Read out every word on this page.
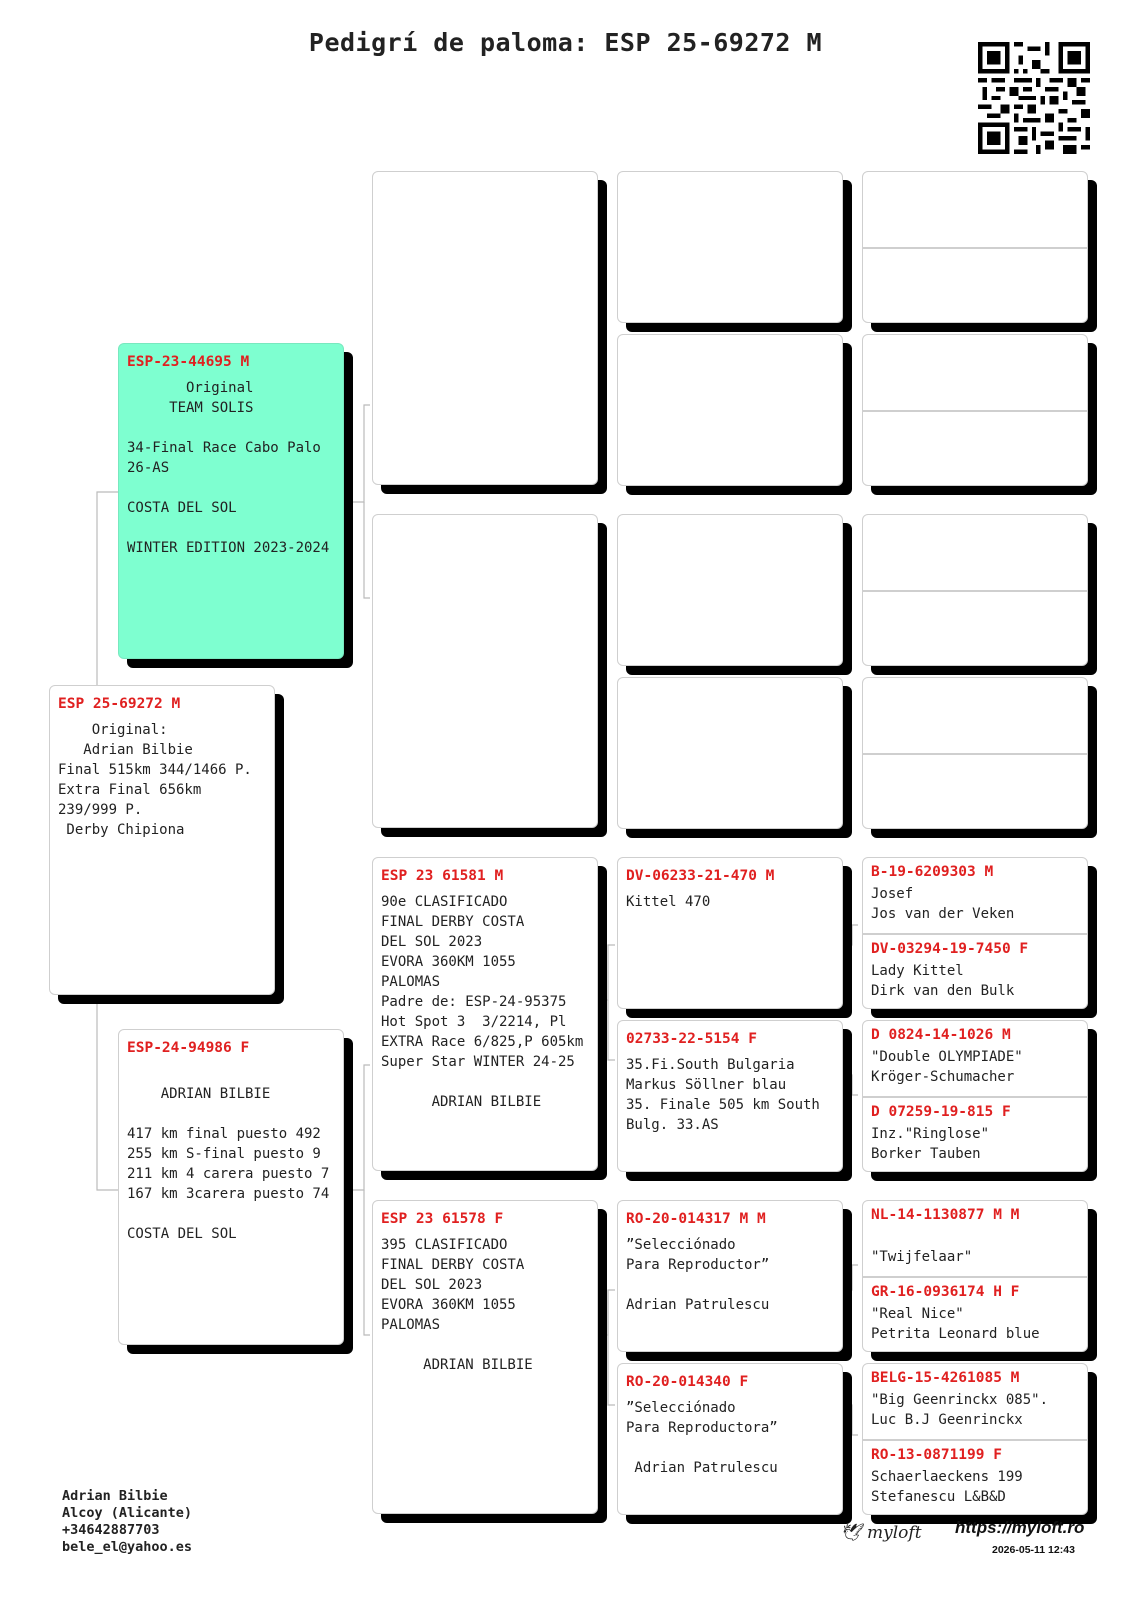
Pedigrí de paloma: ESP 25-69272 M
ESP 25-69272 M
Original:
Adrian Bilbie
Final 515km 344/1466 P.
Extra Final 656km
239/999 P.
Derby Chipiona
ESP-23-44695 M
Original
TEAM SOLIS

34-Final Race Cabo Palo
26-AS

COSTA DEL SOL

WINTER EDITION 2023-2024
ESP-24-94986 F

ADRIAN BILBIE

417 km final puesto 492
255 km S-final puesto 9
211 km 4 carera puesto 7
167 km 3carera puesto 74

COSTA DEL SOL
ESP 23 61581 M
90e CLASIFICADO
FINAL DERBY COSTA
DEL SOL 2023
EVORA 360KM 1055
PALOMAS
Padre de: ESP-24-95375
Hot Spot 3  3/2214, Pl
EXTRA Race 6/825,P 605km
Super Star WINTER 24-25

ADRIAN BILBIE
ESP 23 61578 F
395 CLASIFICADO
FINAL DERBY COSTA
DEL SOL 2023
EVORA 360KM 1055
PALOMAS

ADRIAN BILBIE
DV-06233-21-470 M
Kittel 470
02733-22-5154 F
35.Fi.South Bulgaria
Markus Söllner blau
35. Finale 505 km South
Bulg. 33.AS
RO-20-014317 M M
”Selecciónado
Para Reproductor”

Adrian Patrulescu
RO-20-014340 F
”Selecciónado
Para Reproductora”

Adrian Patrulescu
B-19-6209303 M
Josef
Jos van der Veken
DV-03294-19-7450 F
Lady Kittel
Dirk van den Bulk
D 0824-14-1026 M
"Double OLYMPIADE"
Kröger-Schumacher
D 07259-19-815 F
Inz."Ringlose"
Borker Tauben
NL-14-1130877 M M

"Twijfelaar"
GR-16-0936174 H F
"Real Nice"
Petrita Leonard blue
BELG-15-4261085 M
"Big Geenrinckx 085".
Luc B.J Geenrinckx
RO-13-0871199 F
Schaerlaeckens 199
Stefanescu L&B&D
Adrian Bilbie
Alcoy (Alicante)
+34642887703
bele_el@yahoo.es
🕊 myloft https://myloft.ro
2026-05-11 12:43
